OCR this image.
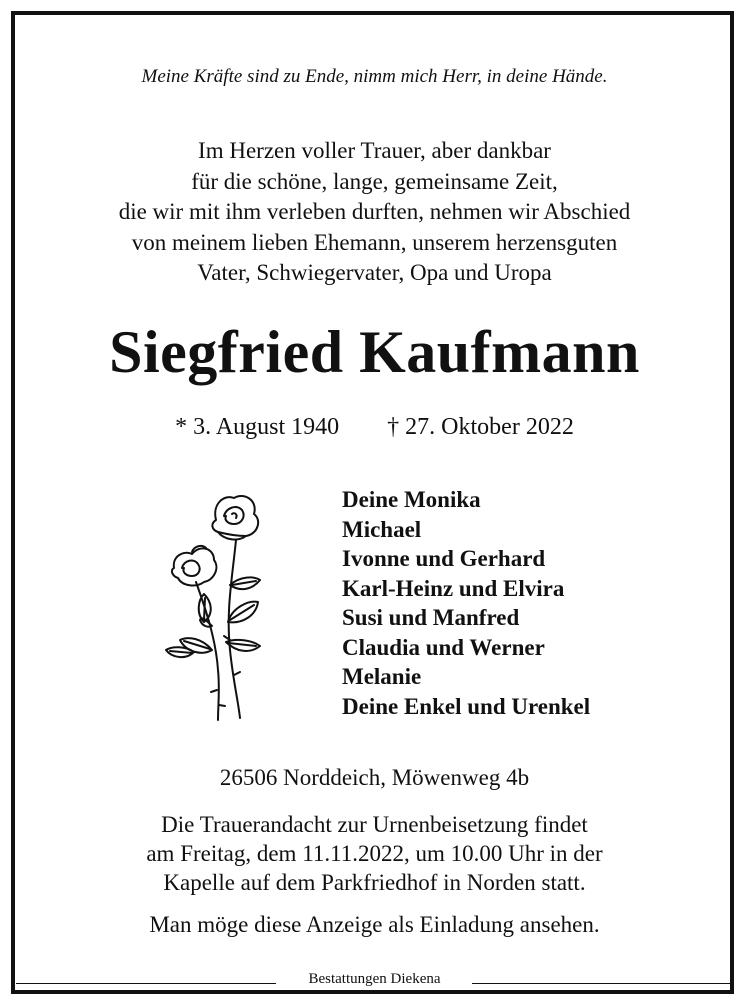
Meine Kräfte sind zu Ende, nimm mich Herr, in deine Hände.
Im Herzen voller Trauer, aber dankbar
für die schöne, lange, gemeinsame Zeit,
die wir mit ihm verleben durften, nehmen wir Abschied
von meinem lieben Ehemann, unserem herzensguten
Vater, Schwiegervater, Opa und Uropa
Siegfried Kaufmann
* 3. August 1940 † 27. Oktober 2022
Deine Monika
Michael
Ivonne und Gerhard
Karl-Heinz und Elvira
Susi und Manfred
Claudia und Werner
Melanie
Deine Enkel und Urenkel
26506 Norddeich, Möwenweg 4b
Die Trauerandacht zur Urnenbeisetzung findet
am Freitag, dem 11.11.2022, um 10.00 Uhr in der
Kapelle auf dem Parkfriedhof in Norden statt.
Man möge diese Anzeige als Einladung ansehen.
Bestattungen Diekena
